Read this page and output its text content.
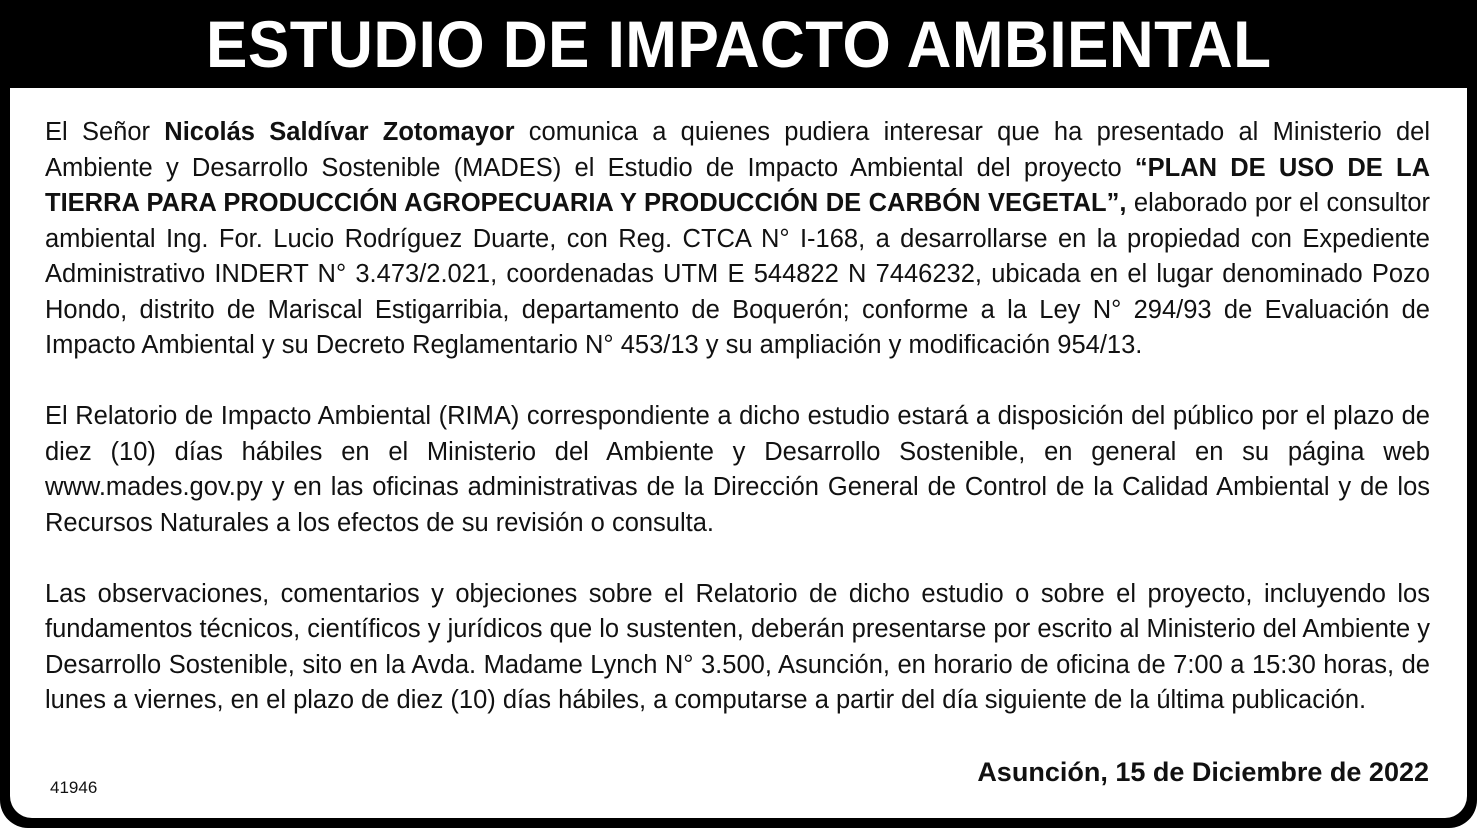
ESTUDIO DE IMPACTO AMBIENTAL

El Señor Nicolás Saldívar Zotomayor comunica a quienes pudiera interesar que ha presentado al Ministerio del Ambiente y Desarrollo Sostenible (MADES) el Estudio de Impacto Ambiental del proyecto “PLAN DE USO DE LA TIERRA PARA PRODUCCIÓN AGROPECUARIA Y PRODUCCIÓN DE CARBÓN VEGETAL”, elaborado por el consultor ambiental Ing. For. Lucio Rodríguez Duarte, con Reg. CTCA N° I-168, a desarrollarse en la propiedad con Expediente Administrativo INDERT N° 3.473/2.021, coordenadas UTM E 544822 N 7446232, ubicada en el lugar denominado Pozo Hondo, distrito de Mariscal Estigarribia, departamento de Boquerón; conforme a la Ley N° 294/93 de Evaluación de Impacto Ambiental y su Decreto Reglamentario N° 453/13 y su ampliación y modificación 954/13.

El Relatorio de Impacto Ambiental (RIMA) correspondiente a dicho estudio estará a disposición del público por el plazo de diez (10) días hábiles en el Ministerio del Ambiente y Desarrollo Sostenible, en general en su página web www.mades.gov.py y en las oficinas administrativas de la Dirección General de Control de la Calidad Ambiental y de los Recursos Naturales a los efectos de su revisión o consulta.

Las observaciones, comentarios y objeciones sobre el Relatorio de dicho estudio o sobre el proyecto, incluyendo los fundamentos técnicos, científicos y jurídicos que lo sustenten, deberán presentarse por escrito al Ministerio del Ambiente y Desarrollo Sostenible, sito en la Avda. Madame Lynch N° 3.500, Asunción, en horario de oficina de 7:00 a 15:30 horas, de lunes a viernes, en el plazo de diez (10) días hábiles, a computarse a partir del día siguiente de la última publicación.

41946
Asunción, 15 de Diciembre de 2022
